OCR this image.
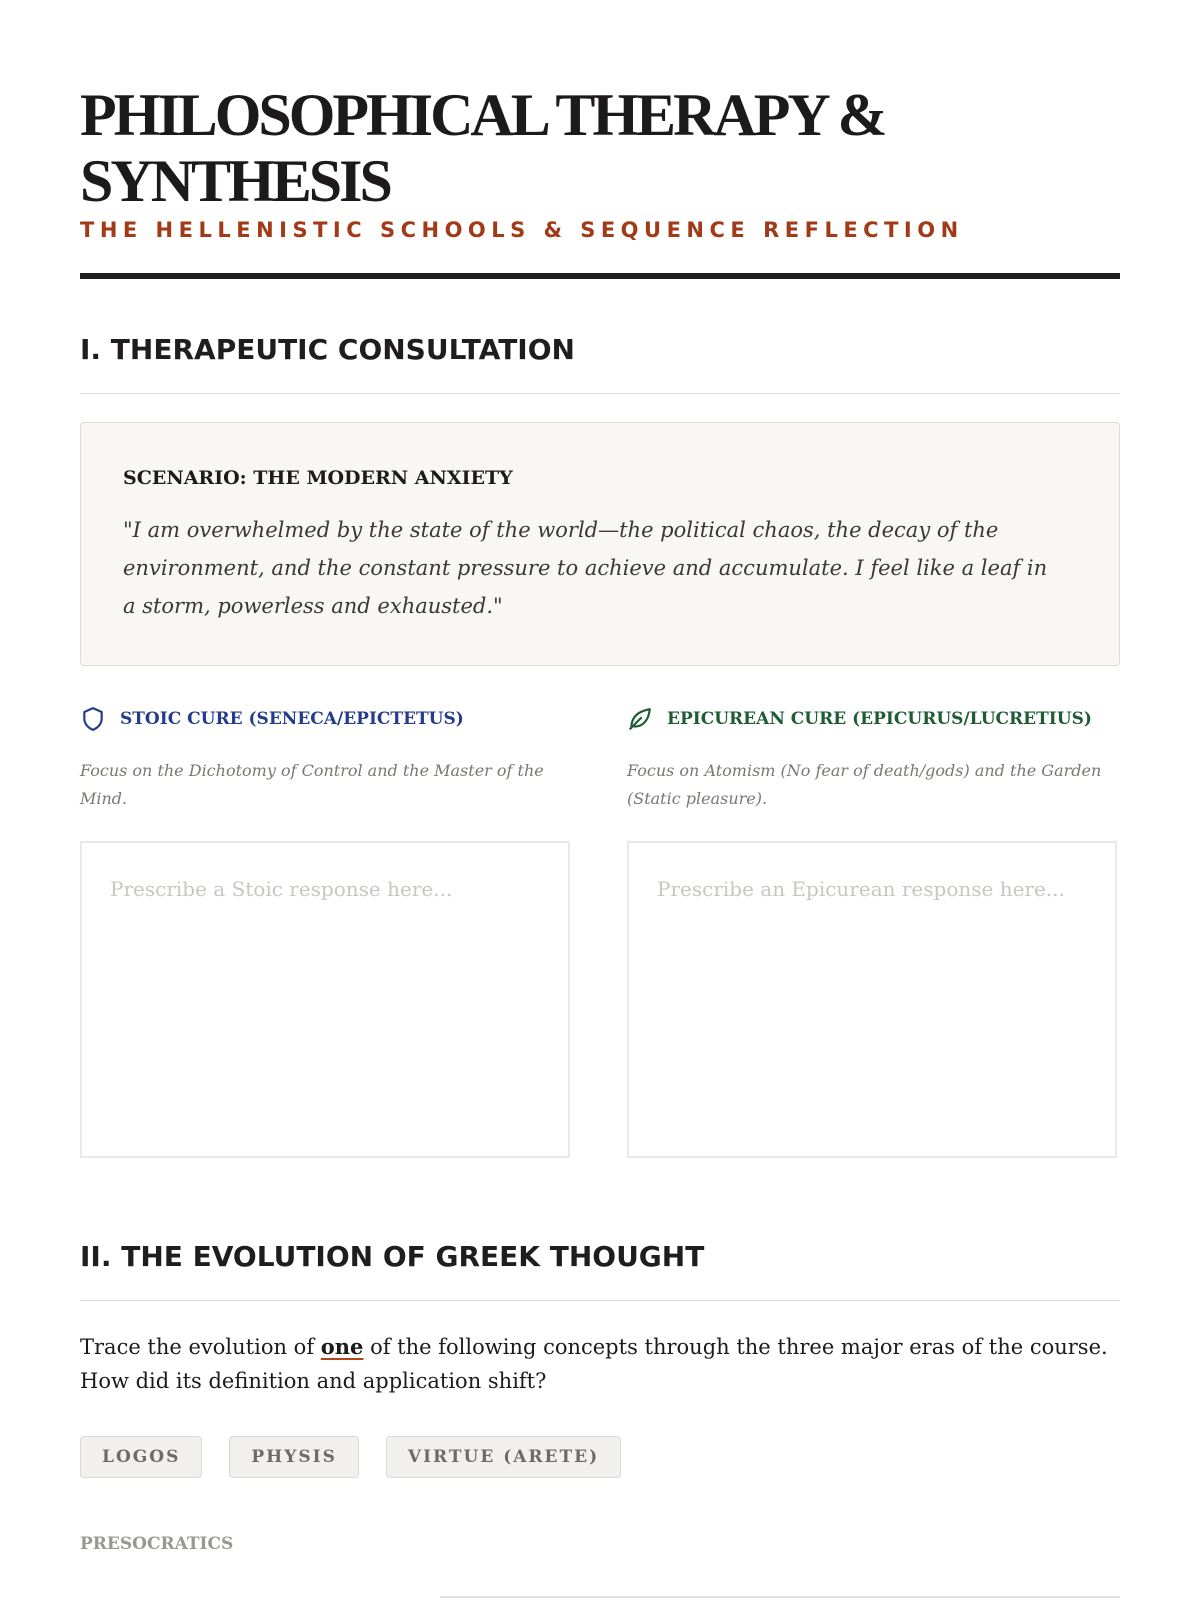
PHILOSOPHICAL THERAPY & SYNTHESIS
THE HELLENISTIC SCHOOLS & SEQUENCE REFLECTION
I. THERAPEUTIC CONSULTATION
SCENARIO: THE MODERN ANXIETY

"I am overwhelmed by the state of the world—the political chaos, the decay of the environment, and the constant pressure to achieve and accumulate. I feel like a leaf in a storm, powerless and exhausted."

STOIC CURE (SENECA/EPICTETUS)	EPICUREAN CURE (EPICURUS/LUCRETIUS)

Focus on the Dichotomy of Control and the Master of the Mind.

Focus on Atomism (No fear of death/gods) and the Garden (Static pleasure).

Prescribe a Stoic response here...
Prescribe an Epicurean response here...
II. THE EVOLUTION OF GREEK THOUGHT

Trace the evolution of one of the following concepts through the three major eras of the course. How did its definition and application shift?

LOGOS	PHYSIS	VIRTUE (ARETE)
PRESOCRATICS
